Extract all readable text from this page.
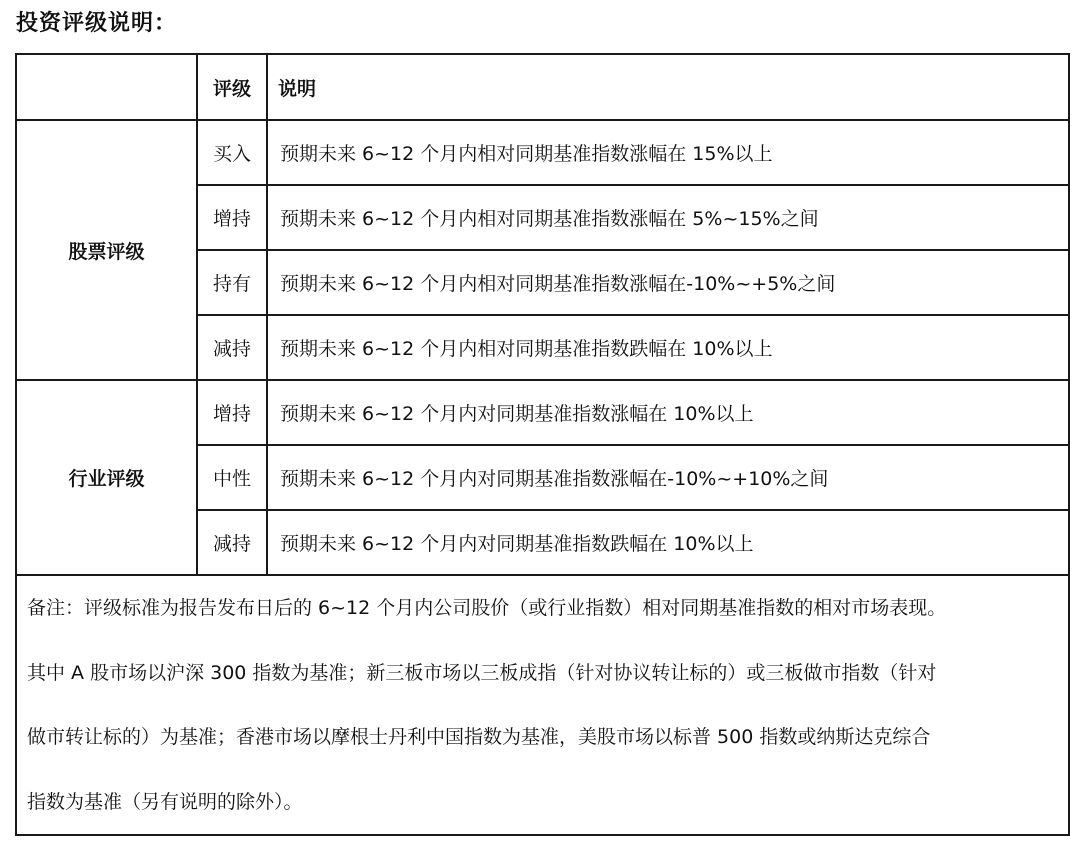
投资评级说明：
	评级	说明
股票评级	买入	预期未来 6~12 个月内相对同期基准指数涨幅在 15%以上
	增持	预期未来 6~12 个月内相对同期基准指数涨幅在 5%~15%之间
	持有	预期未来 6~12 个月内相对同期基准指数涨幅在-10%~+5%之间
	减持	预期未来 6~12 个月内相对同期基准指数跌幅在 10%以上
行业评级	增持	预期未来 6~12 个月内对同期基准指数涨幅在 10%以上
	中性	预期未来 6~12 个月内对同期基准指数涨幅在-10%~+10%之间
	减持	预期未来 6~12 个月内对同期基准指数跌幅在 10%以上

备注：评级标准为报告发布日后的 6~12 个月内公司股价（或行业指数）相对同期基准指数的相对市场表现。
其中 A 股市场以沪深 300 指数为基准；新三板市场以三板成指（针对协议转让标的）或三板做市指数（针对
做市转让标的）为基准；香港市场以摩根士丹利中国指数为基准，美股市场以标普 500 指数或纳斯达克综合
指数为基准（另有说明的除外）。		
